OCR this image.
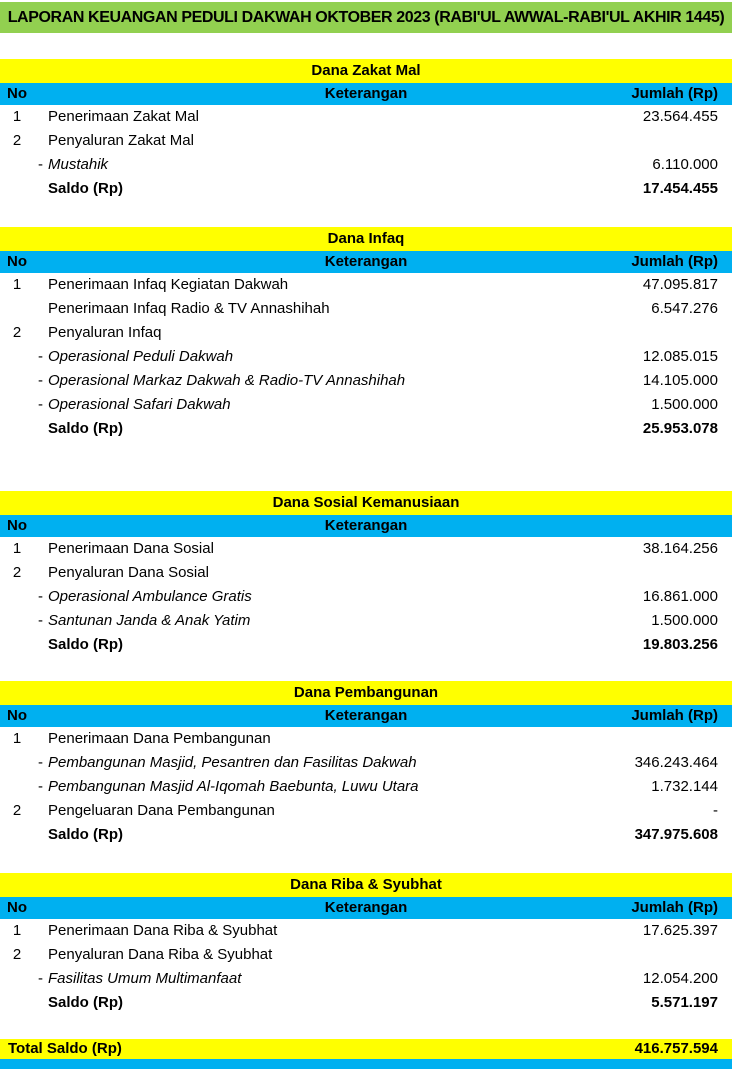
LAPORAN KEUANGAN PEDULI DAKWAH OKTOBER 2023 (RABI'UL AWWAL-RABI'UL AKHIR 1445)
Dana Zakat Mal
No	Keterangan	Jumlah (Rp)
1	Penerimaan Zakat Mal	23.564.455
2	Penyaluran Zakat Mal
- Mustahik	6.110.000
Saldo (Rp)	17.454.455
Dana Infaq
No	Keterangan	Jumlah (Rp)
1	Penerimaan Infaq Kegiatan Dakwah	47.095.817
Penerimaan Infaq Radio & TV Annashihah	6.547.276
2	Penyaluran Infaq
- Operasional Peduli Dakwah	12.085.015
- Operasional Markaz Dakwah & Radio-TV Annashihah	14.105.000
- Operasional Safari Dakwah	1.500.000
Saldo (Rp)	25.953.078
Dana Sosial Kemanusiaan
No	Keterangan
1	Penerimaan Dana Sosial	38.164.256
2	Penyaluran Dana Sosial
- Operasional Ambulance Gratis	16.861.000
- Santunan Janda & Anak Yatim	1.500.000
Saldo (Rp)	19.803.256
Dana Pembangunan
No	Keterangan	Jumlah (Rp)
1	Penerimaan Dana Pembangunan
- Pembangunan Masjid, Pesantren dan Fasilitas Dakwah	346.243.464
- Pembangunan Masjid Al-Iqomah Baebunta, Luwu Utara	1.732.144
2	Pengeluaran Dana Pembangunan	-
Saldo (Rp)	347.975.608
Dana Riba & Syubhat
No	Keterangan	Jumlah (Rp)
1	Penerimaan Dana Riba & Syubhat	17.625.397
2	Penyaluran Dana Riba & Syubhat
- Fasilitas Umum Multimanfaat	12.054.200
Saldo (Rp)	5.571.197
Total Saldo (Rp)	416.757.594
